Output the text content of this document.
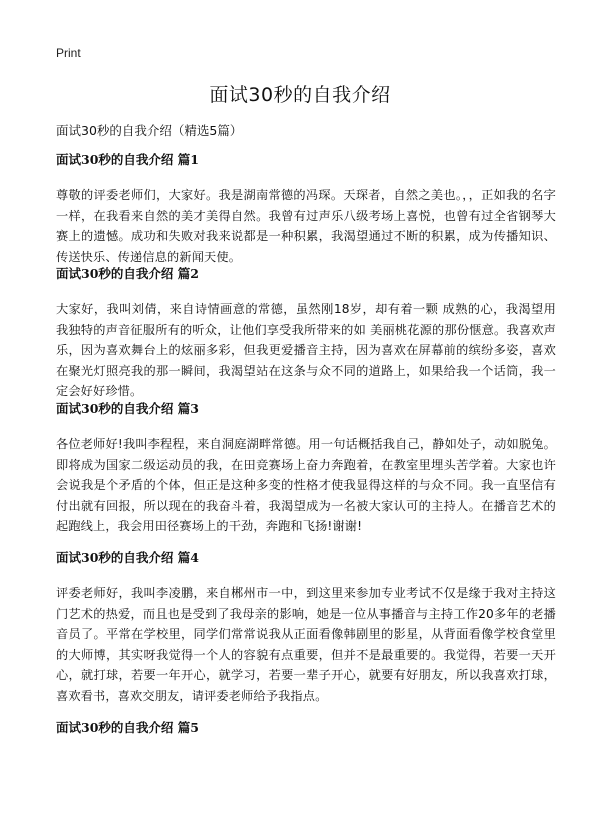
Print
面试30秒的自我介绍

面试30秒的自我介绍（精选5篇）

面试30秒的自我介绍 篇1

尊敬的评委老师们，大家好。我是湖南常德的冯琛。天琛者，自然之美也。，，正如我的名字一样，在我看来自然的美才美得自然。我曾有过声乐八级考场上喜悦，也曾有过全省钢琴大赛上的遗憾。成功和失败对我来说都是一种积累，我渴望通过不断的积累，成为传播知识、传送快乐、传递信息的新闻天使。

面试30秒的自我介绍 篇2

大家好，我叫刘倩，来自诗情画意的常德，虽然刚18岁，却有着一颗 成熟的心，我渴望用我独特的声音征服所有的听众，让他们享受我所带来的如 美丽桃花源的那份惬意。我喜欢声乐，因为喜欢舞台上的炫丽多彩，但我更爱播音主持，因为喜欢在屏幕前的缤纷多姿，喜欢在聚光灯照亮我的那一瞬间，我渴望站在这条与众不同的道路上，如果给我一个话筒，我一定会好好珍惜。

面试30秒的自我介绍 篇3

各位老师好!我叫李程程，来自洞庭湖畔常德。用一句话概括我自己，静如处子，动如脱兔。即将成为国家二级运动员的我，在田竞赛场上奋力奔跑着，在教室里埋头苦学着。大家也许会说我是个矛盾的个体，但正是这种多变的性格才使我显得这样的与众不同。我一直坚信有付出就有回报，所以现在的我奋斗着，我渴望成为一名被大家认可的主持人。在播音艺术的起跑线上，我会用田径赛场上的干劲，奔跑和飞扬!谢谢!

面试30秒的自我介绍 篇4

评委老师好，我叫李凌鹏，来自郴州市一中，到这里来参加专业考试不仅是缘于我对主持这门艺术的热爱，而且也是受到了我母亲的影响，她是一位从事播音与主持工作20多年的老播音员了。平常在学校里，同学们常常说我从正面看像韩剧里的影星，从背面看像学校食堂里的大师博，其实呀我觉得一个人的容貌有点重要，但并不是最重要的。我觉得，若要一天开心，就打球，若要一年开心，就学习，若要一辈子开心，就要有好朋友，所以我喜欢打球，喜欢看书，喜欢交朋友，请评委老师给予我指点。

面试30秒的自我介绍 篇5
